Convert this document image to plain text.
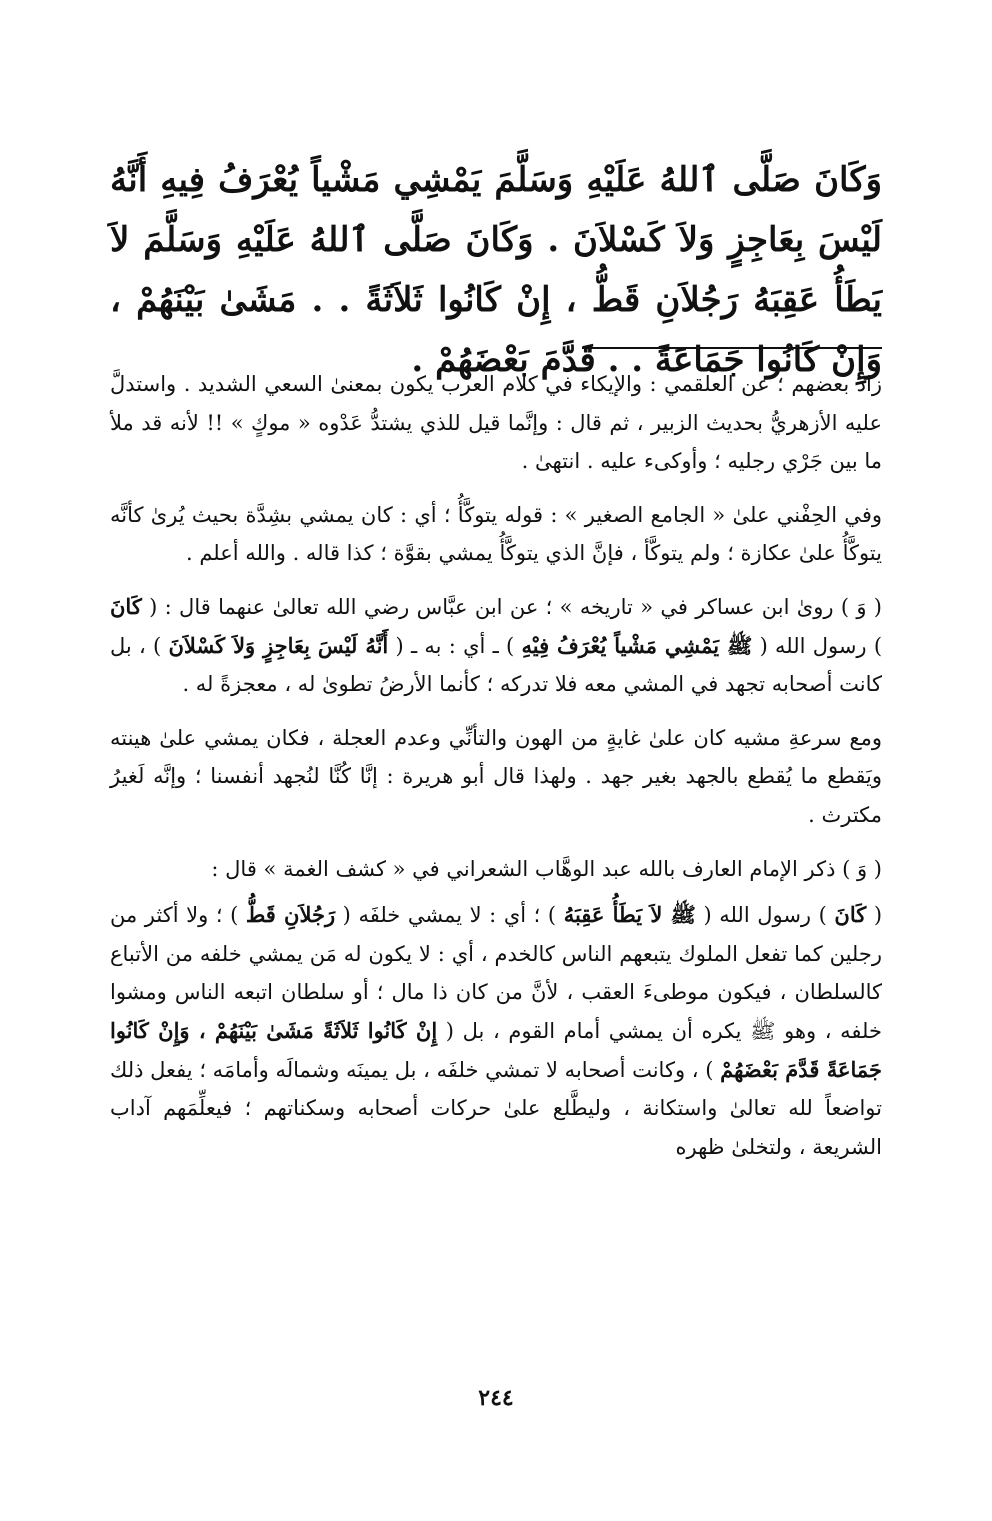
وَكَانَ صَلَّى ٱللهُ عَلَيْهِ وَسَلَّمَ يَمْشِي مَشْياً يُعْرَفُ فِيهِ أَنَّهُ لَيْسَ بِعَاجِزٍ وَلاَ كَسْلاَنَ . وَكَانَ صَلَّى ٱللهُ عَلَيْهِ وَسَلَّمَ لاَ يَطَأُ عَقِبَهُ رَجُلاَنِ قَطُّ ، إِنْ كَانُوا ثَلاَثَةً . . مَشَىٰ بَيْنَهُمْ ، وَإِنْ كَانُوا جَمَاعَةً . . قَدَّمَ بَعْضَهُمْ .

زاد بعضهم ؛ عن العلقمي : والإيكاء في كلام العرب يكون بمعنىٰ السعي الشديد . واستدلَّ عليه الأزهريُّ بحديث الزبير ، ثم قال : وإنَّما قيل للذي يشتدُّ عَدْوه « موكٍ » !! لأنه قد ملأ ما بين جَرْي رجليه ؛ وأوكىء عليه . انتهىٰ .

وفي الحِفْني علىٰ « الجامع الصغير » : قوله يتوكَّأُ ؛ أي : كان يمشي بشِدَّة بحيث يُرىٰ كأنَّه يتوكَّأُ علىٰ عكازة ؛ ولم يتوكَّأ ، فإنَّ الذي يتوكَّأُ يمشي بقوَّة ؛ كذا قاله . والله أعلم .

( وَ ) روىٰ ابن عساكر في « تاريخه » ؛ عن ابن عبَّاس رضي الله تعالىٰ عنهما قال : ( كَانَ ) رسول الله ( ﷺ يَمْشِي مَشْياً يُعْرَفُ فِيْهِ ) ـ أي : به ـ ( أَنَّهُ لَيْسَ بِعَاجِزٍ وَلاَ كَسْلاَنَ ) ، بل كانت أصحابه تجهد في المشي معه فلا تدركه ؛ كأنما الأرضُ تطوىٰ له ، معجزةً له .

ومع سرعةِ مشيه كان علىٰ غايةٍ من الهون والتأنِّي وعدم العجلة ، فكان يمشي علىٰ هينته ويَقطع ما يُقطع بالجهد بغير جهد . ولهذا قال أبو هريرة : إنَّا كُنَّا لنُجهد أنفسنا ؛ وإنَّه لَغيرُ مكترث .

( وَ ) ذكر الإمام العارف بالله عبد الوهَّاب الشعراني في « كشف الغمة » قال :

( كَانَ ) رسول الله ( ﷺ لاَ يَطَأُ عَقِبَهُ ) ؛ أي : لا يمشي خلفَه ( رَجُلاَنِ قَطُّ ) ؛ ولا أكثر من رجلين كما تفعل الملوك يتبعهم الناس كالخدم ، أي : لا يكون له مَن يمشي خلفه من الأتباع كالسلطان ، فيكون موطىءَ العقب ، لأنَّ من كان ذا مال ؛ أو سلطان اتبعه الناس ومشوا خلفه ، وهو ﷺ يكره أن يمشي أمام القوم ، بل ( إِنْ كَانُوا ثَلاَثَةً مَشَىٰ بَيْنَهُمْ ، وَإِنْ كَانُوا جَمَاعَةً قَدَّمَ بَعْضَهُمْ ) ، وكانت أصحابه لا تمشي خلفَه ، بل يمينَه وشمالَه وأمامَه ؛ يفعل ذلك تواضعاً لله تعالىٰ واستكانة ، وليطَّلع علىٰ حركات أصحابه وسكناتهم ؛ فيعلِّمَهم آداب الشريعة ، ولتخلىٰ ظهره

٢٤٤
